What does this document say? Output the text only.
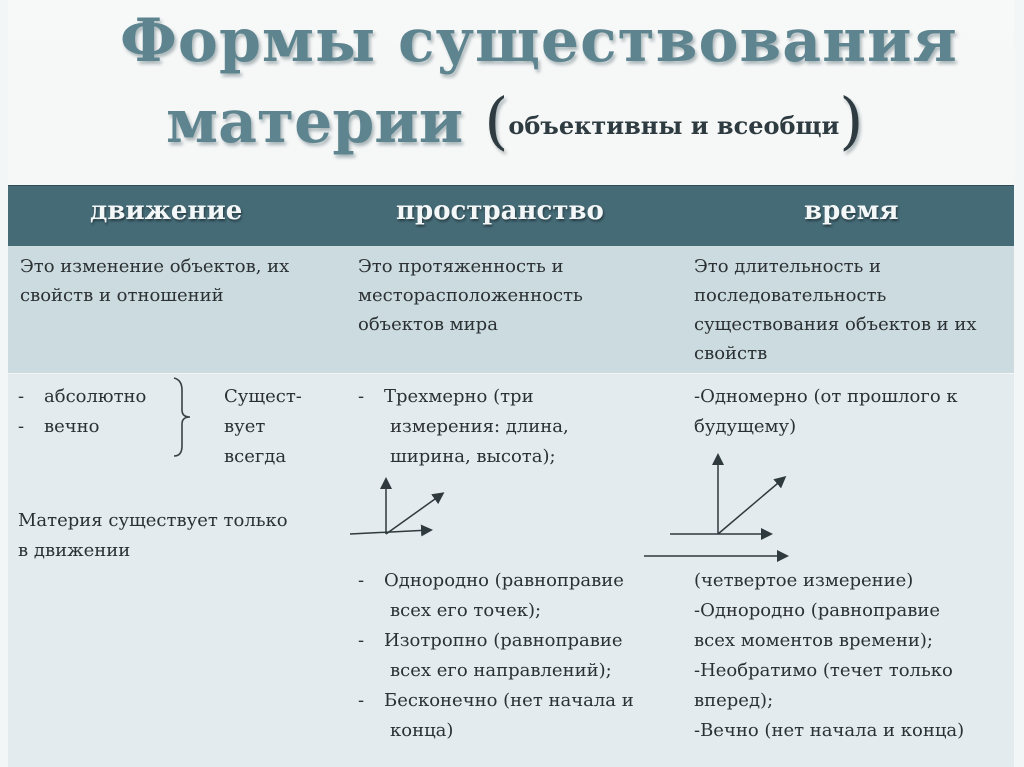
Формы существования
материи (объективны и всеобщи)
движение	пространство	время
Это изменение объектов, их
свойств и отношений
Это протяженность и
месторасположенность
объектов мира
Это длительность и
последовательность
существования объектов и их
свойств
- абсолютно
- вечно
Сущест-
вует
всегда
Материя существует только
в движении
- Трехмерно (три
измерения: длина,
ширина, высота);
- Однородно (равноправие
всех его точек);
- Изотропно (равноправие
всех его направлений);
- Бесконечно (нет начала и
конца)
-Одномерно (от прошлого к
будущему)
(четвертое измерение)
-Однородно (равноправие
всех моментов времени);
-Необратимо (течет только
вперед);
-Вечно (нет начала и конца)
